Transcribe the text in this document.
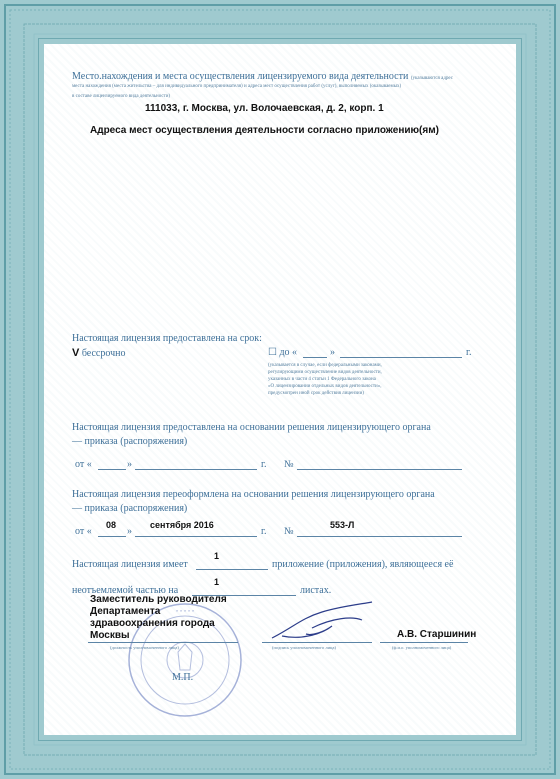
Место.нахождения и места осуществления лицензируемого вида деятельности (указываются адрес
места нахождения (места жительства – для индивидуального предпринимателя) и адреса мест осуществления работ (услуг), выполняемых (оказываемых)
в составе лицензируемого вида деятельности)
111033, г. Москва, ул. Волочаевская, д. 2, корп. 1
Адреса мест осуществления деятельности согласно приложению(ям)
Настоящая лицензия предоставлена на срок:
V бессрочно	☐ до «	»	г.
(указывается в случае, если федеральными законами,
регулирующими осуществление видов деятельности,
указанных в части 4 статьи 1 Федерального закона
«О лицензировании отдельных видов деятельности»,
предусмотрен иной срок действия лицензии)
Настоящая лицензия предоставлена на основании решения лицензирующего органа
— приказа (распоряжения)
от «	»	г. №
Настоящая лицензия переоформлена на основании решения лицензирующего органа
— приказа (распоряжения)
от «
08
»
сентября 2016
г. №
553-Л
Настоящая лицензия имеет
1
приложение (приложения), являющееся её
неотъемлемой частью на
1
листах.
* * * * *
Заместитель руководителя
Департамента
здравоохранения города
Москвы
(должность уполномоченного лица)	(подпись уполномоченного лица)
А.В. Старшинин
(ф.и.о. уполномоченного лица)
М.П.
